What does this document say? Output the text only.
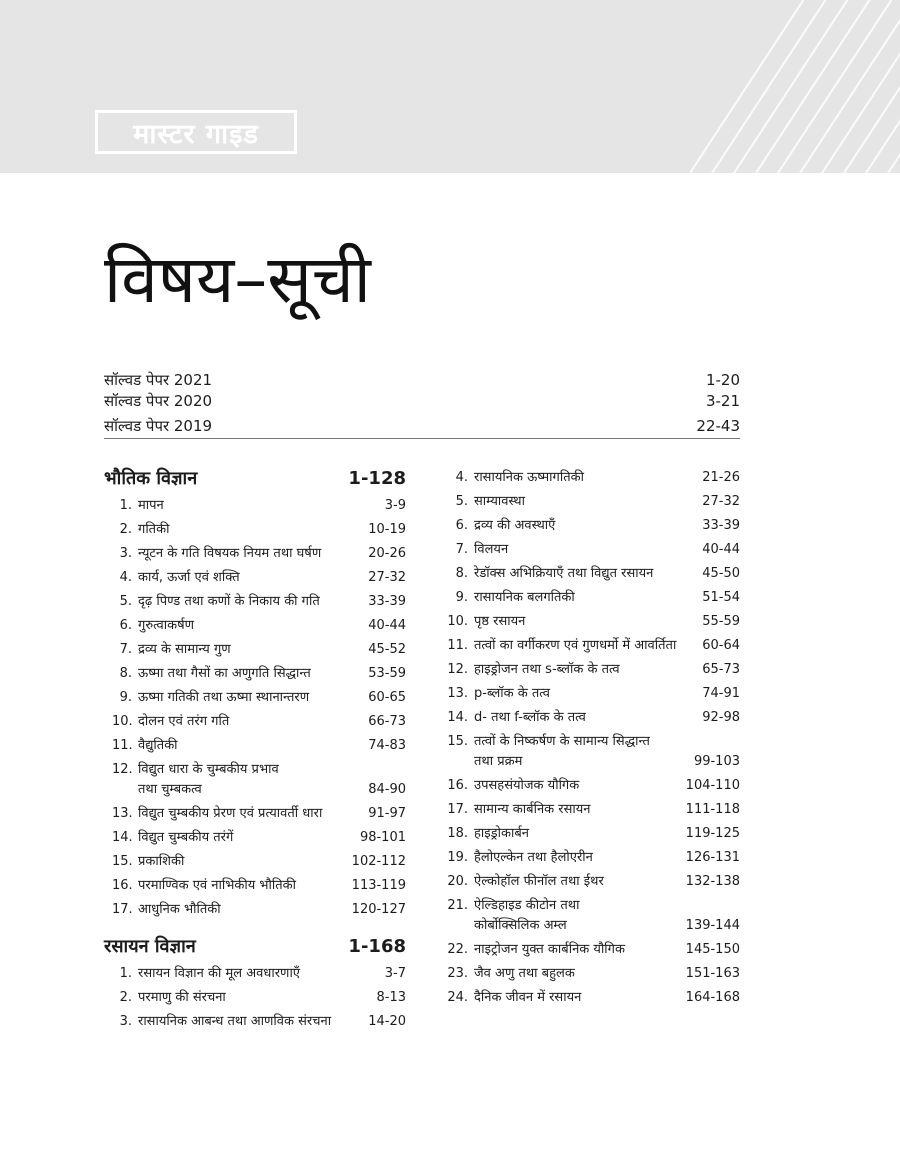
मास्टर गाइड
विषय–सूची
सॉल्वड पेपर 2021	1-20
सॉल्वड पेपर 2020	3-21
सॉल्वड पेपर 2019	22-43
भौतिक विज्ञान	1-128
1. मापन	3-9
2. गतिकी	10-19
3. न्यूटन के गति विषयक नियम तथा घर्षण	20-26
4. कार्य, ऊर्जा एवं शक्ति	27-32
5. दृढ़ पिण्ड तथा कणों के निकाय की गति	33-39
6. गुरुत्वाकर्षण	40-44
7. द्रव्य के सामान्य गुण	45-52
8. ऊष्मा तथा गैसों का अणुगति सिद्धान्त	53-59
9. ऊष्मा गतिकी तथा ऊष्मा स्थानान्तरण	60-65
10. दोलन एवं तरंग गति	66-73
11. वैद्युतिकी	74-83
12. विद्युत धारा के चुम्बकीय प्रभाव
तथा चुम्बकत्व	84-90
13. विद्युत चुम्बकीय प्रेरण एवं प्रत्यावर्ती धारा	91-97
14. विद्युत चुम्बकीय तरंगें	98-101
15. प्रकाशिकी	102-112
16. परमाण्विक एवं नाभिकीय भौतिकी	113-119
17. आधुनिक भौतिकी	120-127
रसायन विज्ञान	1-168
1. रसायन विज्ञान की मूल अवधारणाएँ	3-7
2. परमाणु की संरचना	8-13
3. रासायनिक आबन्ध तथा आणविक संरचना	14-20
4. रासायनिक ऊष्मागतिकी	21-26
5. साम्यावस्था	27-32
6. द्रव्य की अवस्थाएँ	33-39
7. विलयन	40-44
8. रेडॉक्स अभिक्रियाएँ तथा विद्युत रसायन	45-50
9. रासायनिक बलगतिकी	51-54
10. पृष्ठ रसायन	55-59
11. तत्वों का वर्गीकरण एवं गुणधर्मो में आवर्तिता	60-64
12. हाइड्रोजन तथा s-ब्लॉक के तत्व	65-73
13. p-ब्लॉक के तत्व	74-91
14. d- तथा f-ब्लॉक के तत्व	92-98
15. तत्वों के निष्कर्षण के सामान्य सिद्धान्त
तथा प्रक्रम	99-103
16. उपसहसंयोजक यौगिक	104-110
17. सामान्य कार्बनिक रसायन	111-118
18. हाइड्रोकार्बन	119-125
19. हैलोएल्केन तथा हैलोएरीन	126-131
20. ऐल्कोहॉल फीनॉल तथा ईथर	132-138
21. ऐल्डिहाइड कीटोन तथा
कोर्बोक्सिलिक अम्ल	139-144
22. नाइट्रोजन युक्त कार्बनिक यौगिक	145-150
23. जैव अणु तथा बहुलक	151-163
24. दैनिक जीवन में रसायन	164-168
